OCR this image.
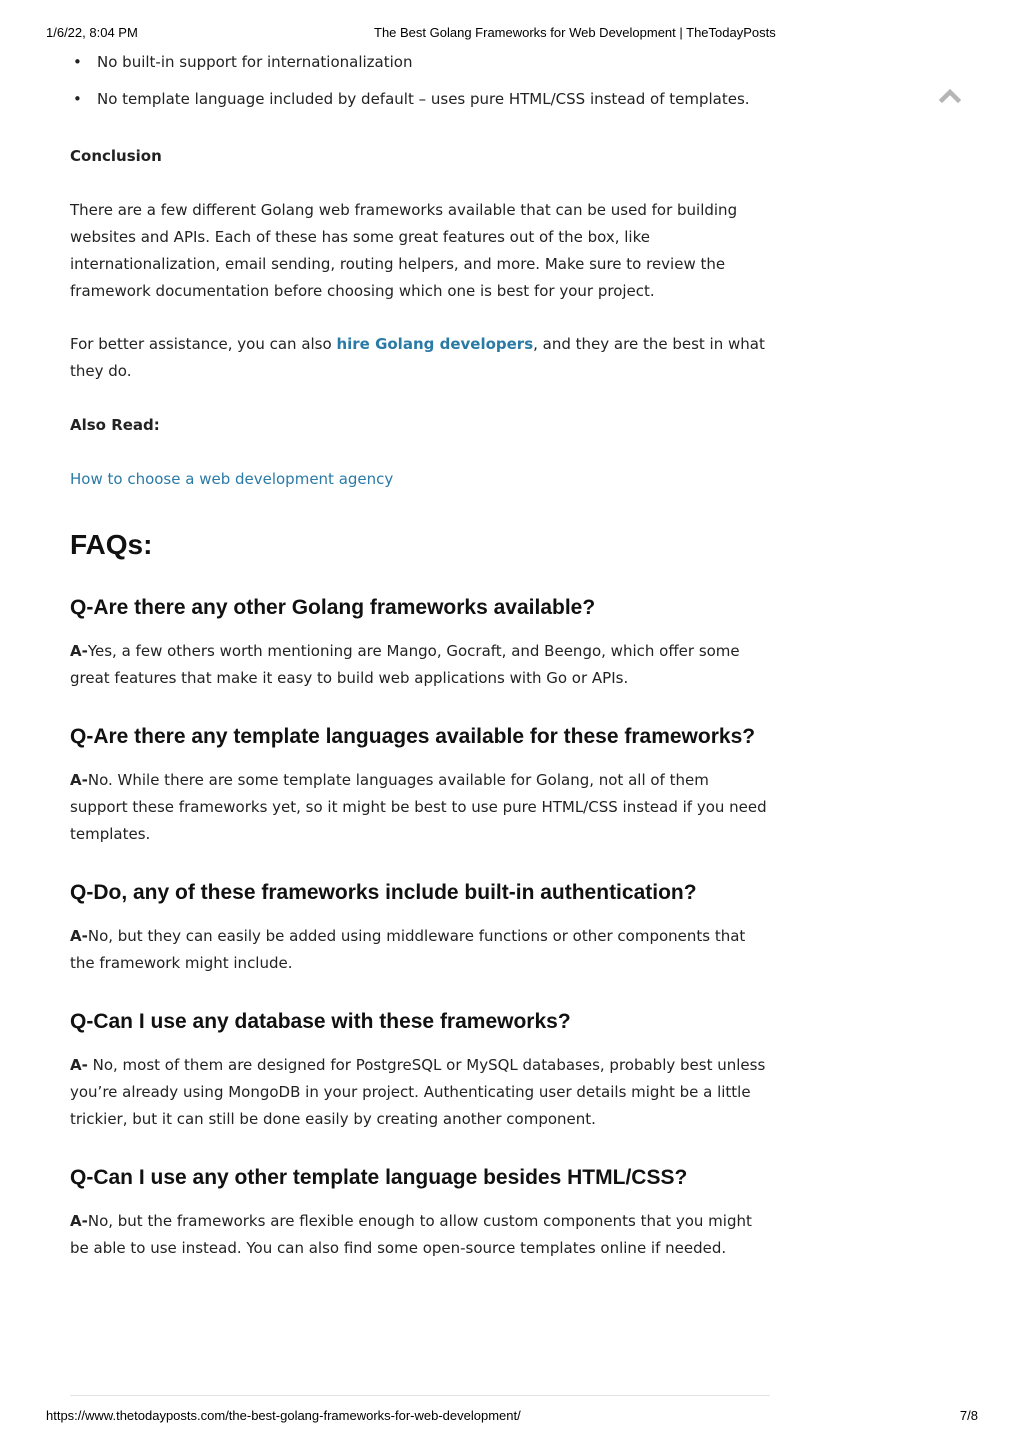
1/6/22, 8:04 PM	The Best Golang Frameworks for Web Development | TheTodayPosts
•	No built-in support for internationalization
•	No template language included by default – uses pure HTML/CSS instead of templates.
Conclusion

There are a few different Golang web frameworks available that can be used for building websites and APIs. Each of these has some great features out of the box, like internationalization, email sending, routing helpers, and more. Make sure to review the framework documentation before choosing which one is best for your project.

For better assistance, you can also hire Golang developers, and they are the best in what they do.

Also Read:
How to choose a web development agency
FAQs:
Q-Are there any other Golang frameworks available?

A-Yes, a few others worth mentioning are Mango, Gocraft, and Beengo, which offer some great features that make it easy to build web applications with Go or APIs.

Q-Are there any template languages available for these frameworks?

A-No. While there are some template languages available for Golang, not all of them support these frameworks yet, so it might be best to use pure HTML/CSS instead if you need templates.

Q-Do, any of these frameworks include built-in authentication?

A-No, but they can easily be added using middleware functions or other components that the framework might include.

Q-Can I use any database with these frameworks?

A- No, most of them are designed for PostgreSQL or MySQL databases, probably best unless you’re already using MongoDB in your project. Authenticating user details might be a little trickier, but it can still be done easily by creating another component.

Q-Can I use any other template language besides HTML/CSS?

A-No, but the frameworks are flexible enough to allow custom components that you might be able to use instead. You can also find some open-source templates online if needed.

https://www.thetodayposts.com/the-best-golang-frameworks-for-web-development/	7/8
